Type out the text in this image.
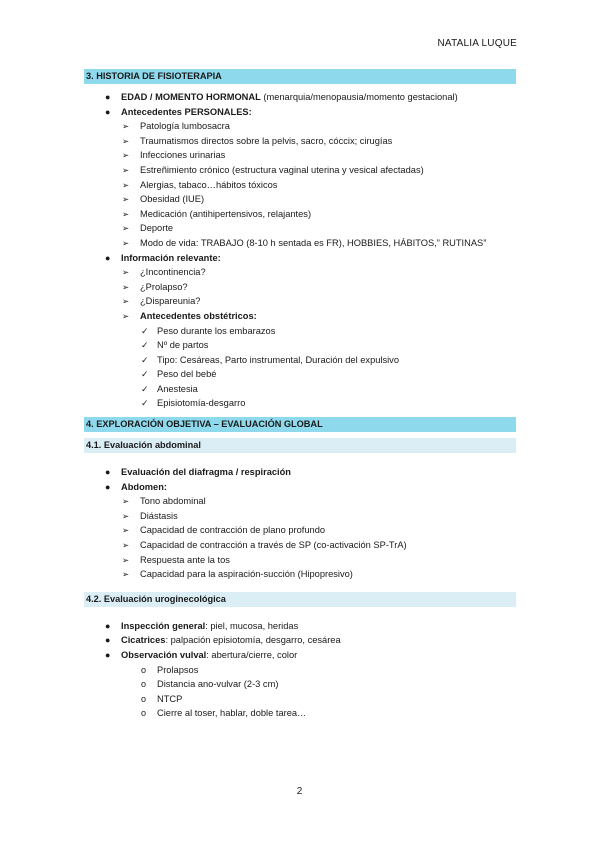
NATALIA LUQUE
3. HISTORIA DE FISIOTERAPIA
● EDAD / MOMENTO HORMONAL (menarquia/menopausia/momento gestacional)
● Antecedentes PERSONALES:
➢ Patología lumbosacra
➢ Traumatismos directos sobre la pelvis, sacro, cóccix; cirugías
➢ Infecciones urinarias
➢ Estreñimiento crónico (estructura vaginal uterina y vesical afectadas)
➢ Alergias, tabaco…hábitos tóxicos
➢ Obesidad (IUE)
➢ Medicación (antihipertensivos, relajantes)
➢ Deporte
➢ Modo de vida: TRABAJO (8-10 h sentada es FR), HOBBIES, HÁBITOS,” RUTINAS”
● Información relevante:
➢ ¿Incontinencia?
➢ ¿Prolapso?
➢ ¿Dispareunia?
➢ Antecedentes obstétricos:
✓ Peso durante los embarazos
✓ Nº de partos
✓ Tipo: Cesáreas, Parto instrumental, Duración del expulsivo
✓ Peso del bebé
✓ Anestesia
✓ Episiotomía-desgarro
4. EXPLORACIÓN OBJETIVA – EVALUACIÓN GLOBAL
4.1. Evaluación abdominal
● Evaluación del diafragma / respiración
● Abdomen:
➢ Tono abdominal
➢ Diástasis
➢ Capacidad de contracción de plano profundo
➢ Capacidad de contracción a través de SP (co-activación SP-TrA)
➢ Respuesta ante la tos
➢ Capacidad para la aspiración-succión (Hipopresivo)
4.2. Evaluación uroginecológica
● Inspección general: piel, mucosa, heridas
● Cicatrices: palpación episiotomía, desgarro, cesárea
● Observación vulval: abertura/cierre, color
o Prolapsos
o Distancia ano-vulvar (2-3 cm)
o NTCP
o Cierre al toser, hablar, doble tarea…
2
